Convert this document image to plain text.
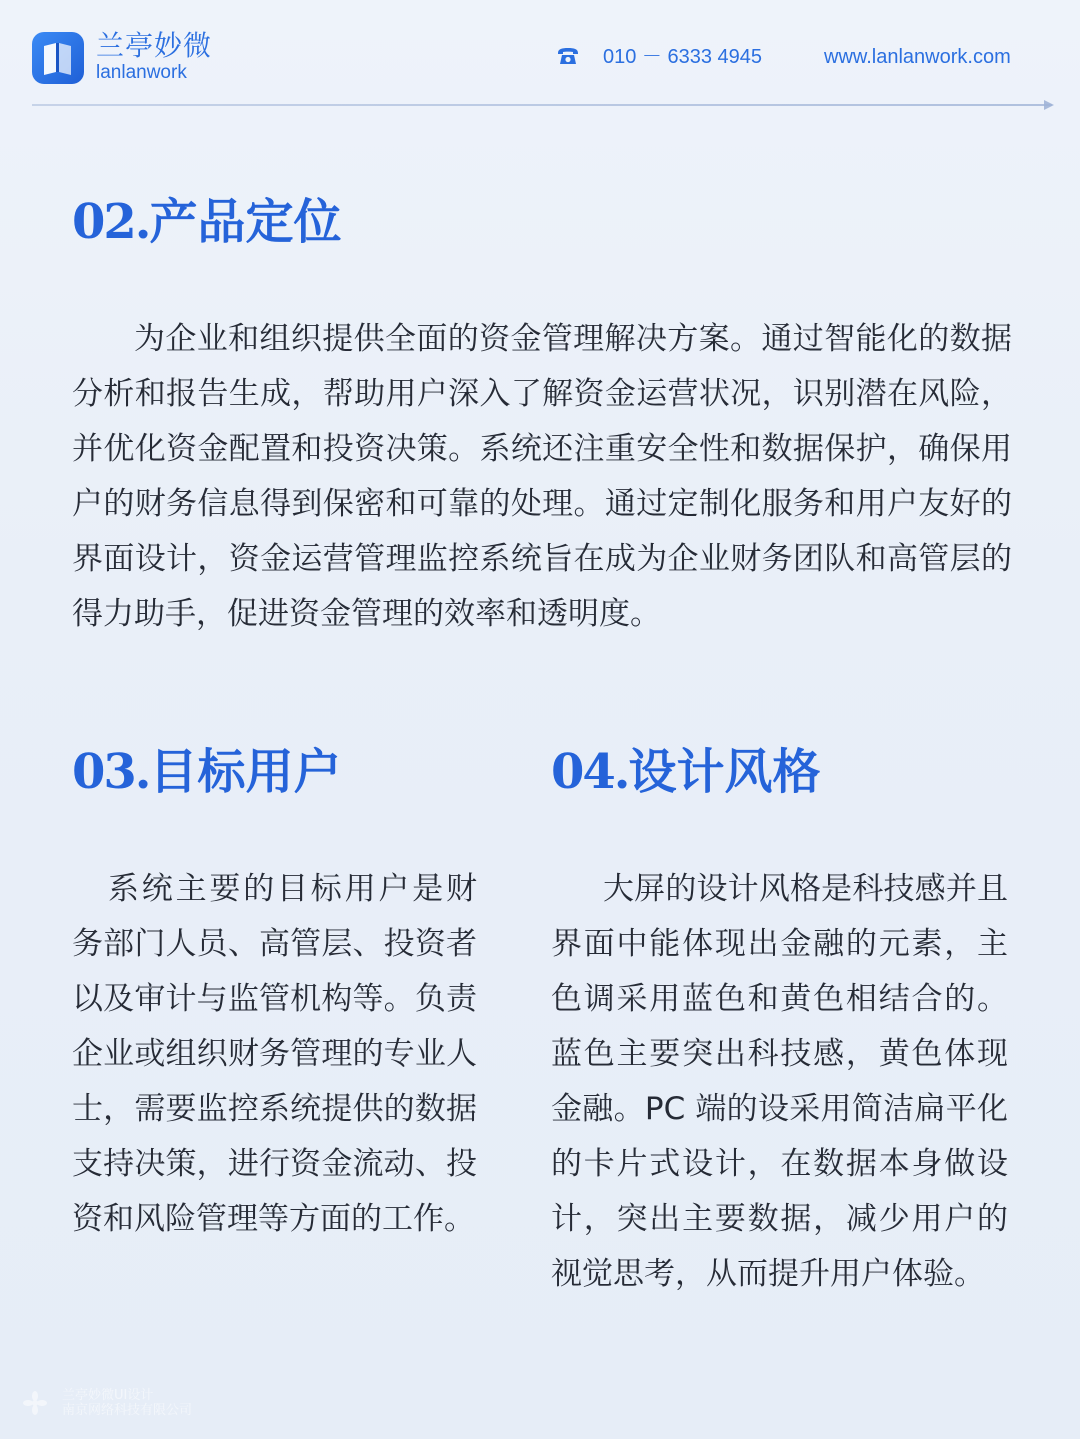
兰亭妙微
lanlanwork
010 － 6333 4945	www.lanlanwork.com
02.产品定位

为企业和组织提供全面的资金管理解决方案。通过智能化的数据分析和报告生成，帮助用户深入了解资金运营状况，识别潜在风险，并优化资金配置和投资决策。系统还注重安全性和数据保护，确保用户的财务信息得到保密和可靠的处理。通过定制化服务和用户友好的界面设计，资金运营管理监控系统旨在成为企业财务团队和高管层的得力助手，促进资金管理的效率和透明度。

03.目标用户

系统主要的目标用户是财务部门人员、高管层、投资者以及审计与监管机构等。负责企业或组织财务管理的专业人士，需要监控系统提供的数据支持决策，进行资金流动、投资和风险管理等方面的工作。

04.设计风格

大屏的设计风格是科技感并且界面中能体现出金融的元素，主色调采用蓝色和黄色相结合的。蓝色主要突出科技感，黄色体现金融。PC 端的设采用简洁扁平化的卡片式设计，在数据本身做设计，突出主要数据，减少用户的视觉思考，从而提升用户体验。

兰亭妙微UI设计
南京网络科技有限公司
